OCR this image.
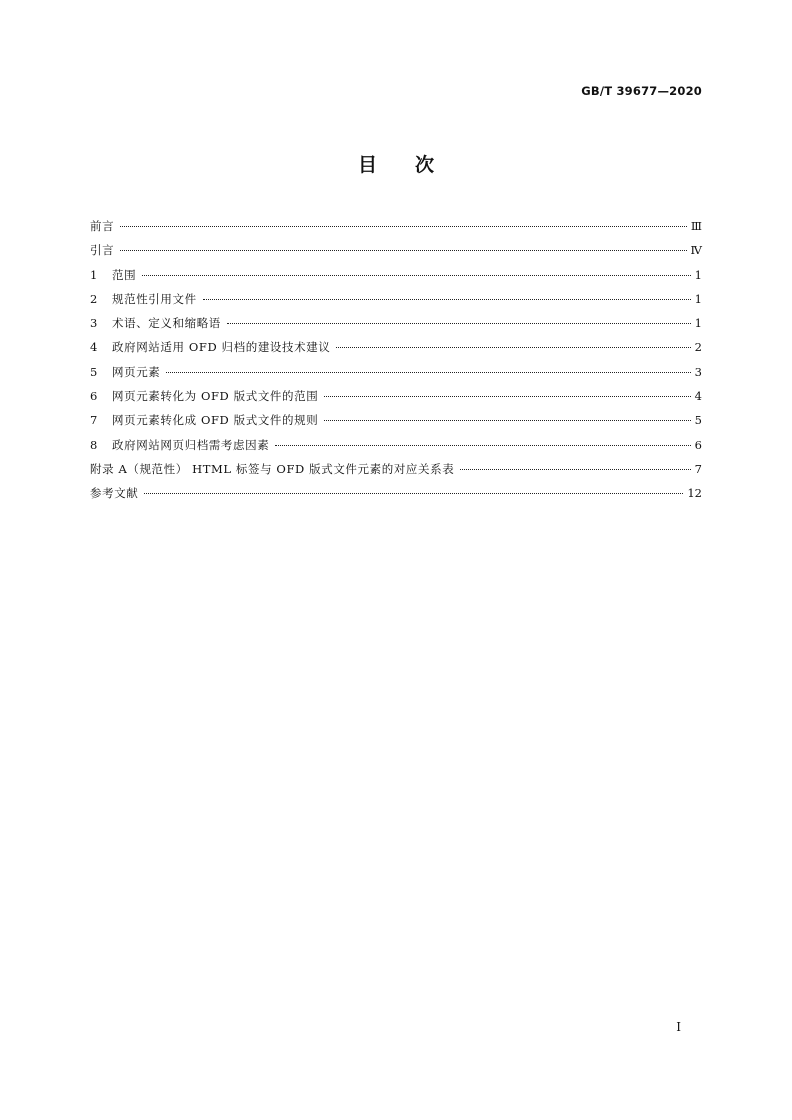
GB/T 39677—2020
目 次
前言	Ⅲ
引言	Ⅳ
1	范围	1
2	规范性引用文件	1
3	术语、定义和缩略语	1
4	政府网站适用 OFD 归档的建设技术建议	2
5	网页元素	3
6	网页元素转化为 OFD 版式文件的范围	4
7	网页元素转化成 OFD 版式文件的规则	5
8	政府网站网页归档需考虑因素	6
附录 A（规范性） HTML 标签与 OFD 版式文件元素的对应关系表	7
参考文献	12
I
